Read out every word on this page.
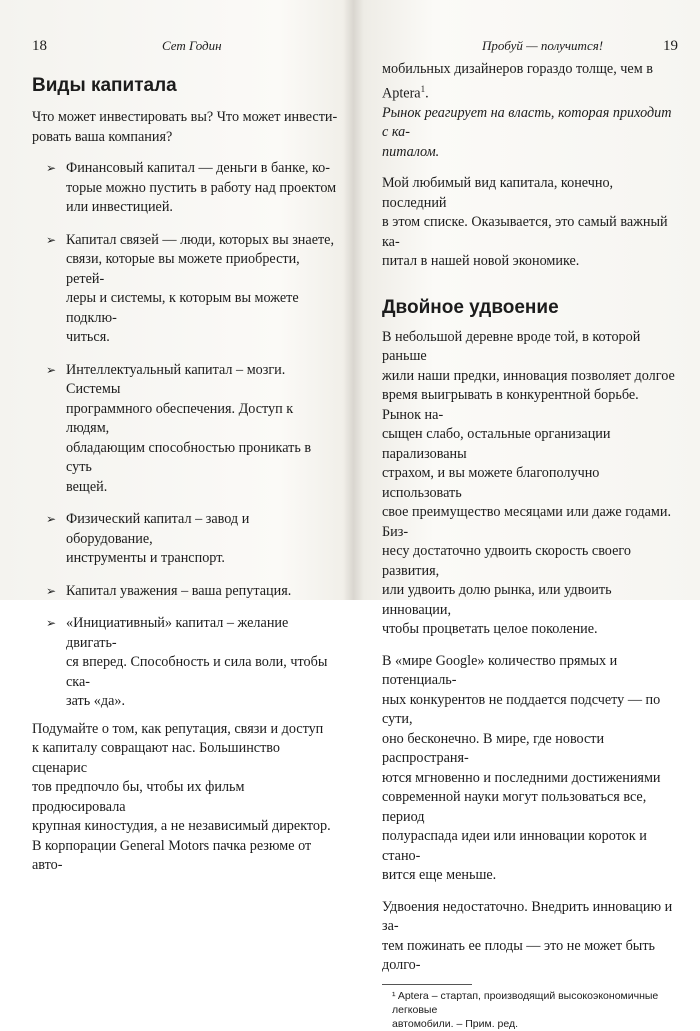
18	Сет Годин
Виды капитала
Что может инвестировать вы? Что может инвести-
ровать ваша компания?
➢ Финансовый капитал — деньги в банке, ко-
торые можно пустить в работу над проектом
или инвестицией.
➢ Капитал связей — люди, которых вы знаете,
связи, которые вы можете приобрести, ретей-
леры и системы, к которым вы можете подклю-
читься.
➢ Интеллектуальный капитал – мозги. Системы
программного обеспечения. Доступ к людям,
обладающим способностью проникать в суть
вещей.
➢ Физический капитал – завод и оборудование,
инструменты и транспорт.
➢ Капитал уважения – ваша репутация.
➢ «Инициативный» капитал – желание двигать-
ся вперед. Способность и сила воли, чтобы ска-
зать «да».
Подумайте о том, как репутация, связи и доступ
к капиталу совращают нас. Большинство сценарис
тов предпочло бы, чтобы их фильм продюсировала
крупная киностудия, а не независимый директор.
В корпорации General Motors пачка резюме от авто-
Пробуй — получится!	19
мобильных дизайнеров гораздо толще, чем в Aptera$^1$.
Рынок реагирует на власть, которая приходит с ка-
питалом.
Мой любимый вид капитала, конечно, последний
в этом списке. Оказывается, это самый важный ка-
питал в нашей новой экономике.
Двойное удвоение
В небольшой деревне вроде той, в которой раньше
жили наши предки, инновация позволяет долгое
время выигрывать в конкурентной борьбе. Рынок на-
сыщен слабо, остальные организации парализованы
страхом, и вы можете благополучно использовать
свое преимущество месяцами или даже годами. Биз-
несу достаточно удвоить скорость своего развития,
или удвоить долю рынка, или удвоить инновации,
чтобы процветать целое поколение.
В «мире Google» количество прямых и потенциаль-
ных конкурентов не поддается подсчету — по сути,
оно бесконечно. В мире, где новости распространя-
ются мгновенно и последними достижениями
современной науки могут пользоваться все, период
полураспада идеи или инновации короток и стано-
вится еще меньше.
Удвоения недостаточно. Внедрить инновацию и за-
тем пожинать ее плоды — это не может быть долго-
¹ Aptera – стартап, производящий высокоэкономичные легковые
автомобили. – Прим. ред.
